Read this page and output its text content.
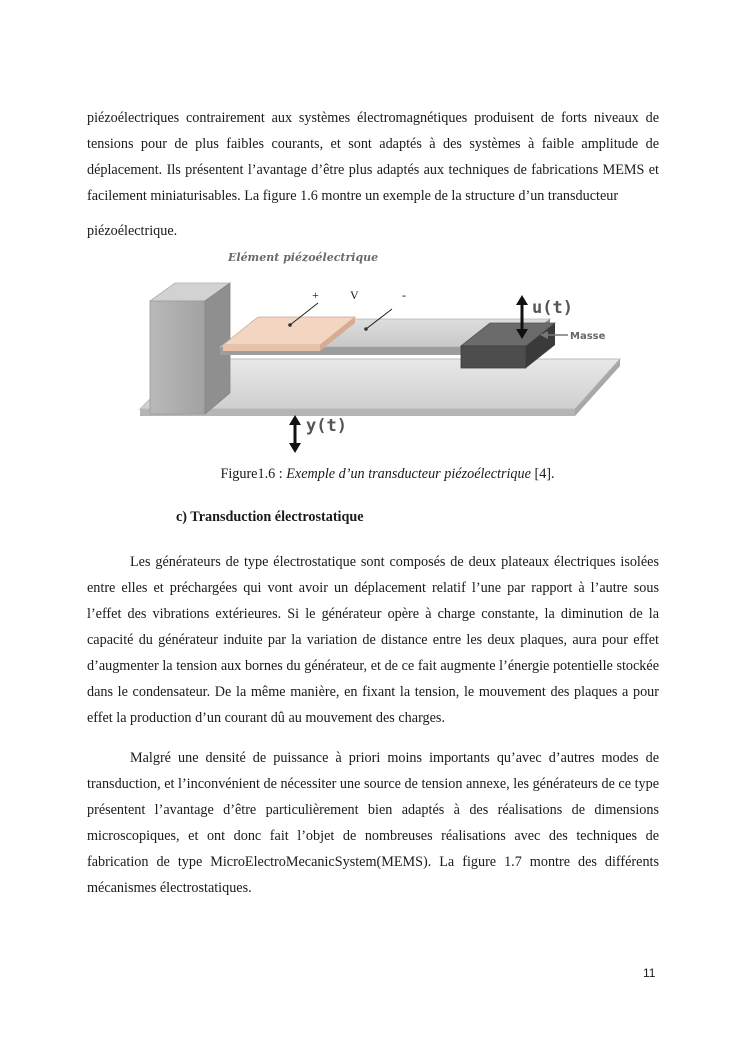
piézoélectriques contrairement aux systèmes électromagnétiques produisent de forts niveaux de tensions pour de plus faibles courants, et sont adaptés à des systèmes à faible amplitude de déplacement. Ils présentent l’avantage d’être plus adaptés aux techniques de fabrications MEMS et facilement miniaturisables. La figure 1.6 montre un exemple de la structure d’un transducteur

piézoélectrique.

Elément piézoélectrique
+	V	-
u(t)
Masse
y(t)
Figure1.6 : Exemple d’un transducteur piézoélectrique [4].
c) Transduction électrostatique

Les générateurs de type électrostatique sont composés de deux plateaux électriques isolées entre elles et préchargées qui vont avoir un déplacement relatif l’une par rapport à l’autre sous l’effet des vibrations extérieures. Si le générateur opère à charge constante, la diminution de la capacité du générateur induite par la variation de distance entre les deux plaques, aura pour effet d’augmenter la tension aux bornes du générateur, et de ce fait augmente l’énergie potentielle stockée dans le condensateur. De la même manière, en fixant la tension, le mouvement des plaques a pour effet la production d’un courant dû au mouvement des charges.

Malgré une densité de puissance à priori moins importants qu’avec d’autres modes de transduction, et l’inconvénient de nécessiter une source de tension annexe, les générateurs de ce type présentent l’avantage d’être particulièrement bien adaptés à des réalisations de dimensions microscopiques, et ont donc fait l’objet de nombreuses réalisations avec des techniques de fabrication de type MicroElectroMecanicSystem(MEMS). La figure 1.7 montre des différents mécanismes électrostatiques.

11
